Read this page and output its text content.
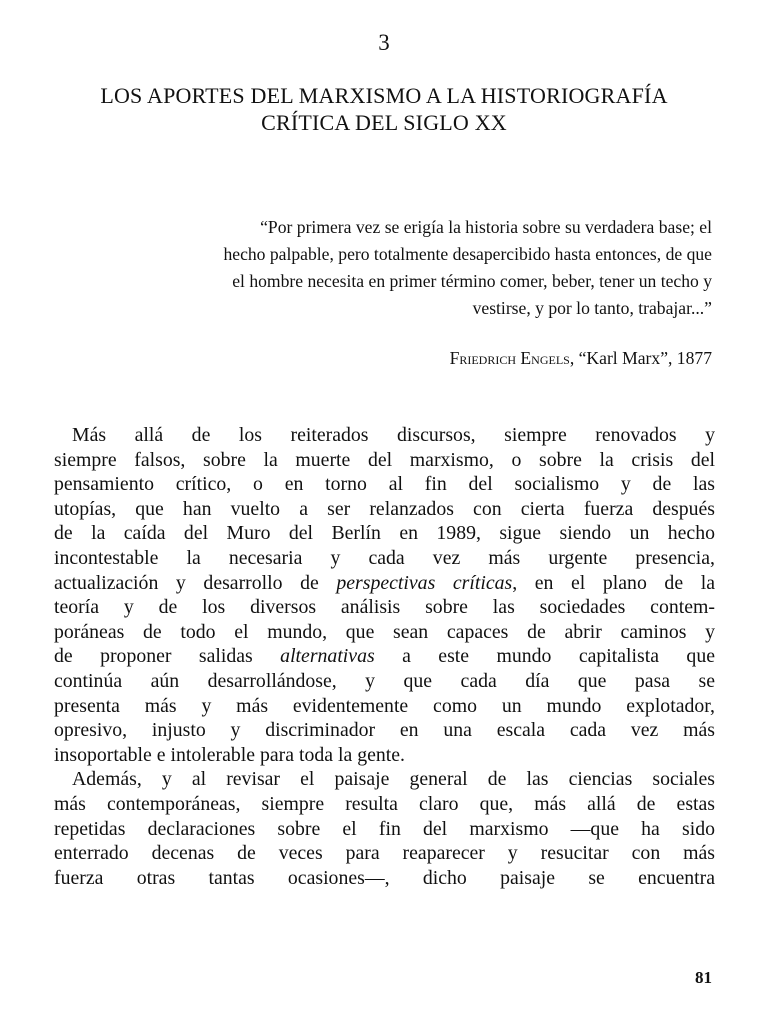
3
LOS APORTES DEL MARXISMO A LA HISTORIOGRAFÍA
CRÍTICA DEL SIGLO XX
“Por primera vez se erigía la historia sobre su verdadera base; el
hecho palpable, pero totalmente desapercibido hasta entonces, de que
el hombre necesita en primer término comer, beber, tener un techo y
vestirse, y por lo tanto, trabajar...”
Friedrich Engels, “Karl Marx”, 1877
Más allá de los reiterados discursos, siempre renovados y
siempre falsos, sobre la muerte del marxismo, o sobre la crisis del
pensamiento crítico, o en torno al fin del socialismo y de las
utopías, que han vuelto a ser relanzados con cierta fuerza después
de la caída del Muro del Berlín en 1989, sigue siendo un hecho
incontestable la necesaria y cada vez más urgente presencia,
actualización y desarrollo de perspectivas críticas, en el plano de la
teoría y de los diversos análisis sobre las sociedades contem-
poráneas de todo el mundo, que sean capaces de abrir caminos y
de proponer salidas alternativas a este mundo capitalista que
continúa aún desarrollándose, y que cada día que pasa se
presenta más y más evidentemente como un mundo explotador,
opresivo, injusto y discriminador en una escala cada vez más
insoportable e intolerable para toda la gente.
Además, y al revisar el paisaje general de las ciencias sociales
más contemporáneas, siempre resulta claro que, más allá de estas
repetidas declaraciones sobre el fin del marxismo —que ha sido
enterrado decenas de veces para reaparecer y resucitar con más
fuerza otras tantas ocasiones—, dicho paisaje se encuentra
81
